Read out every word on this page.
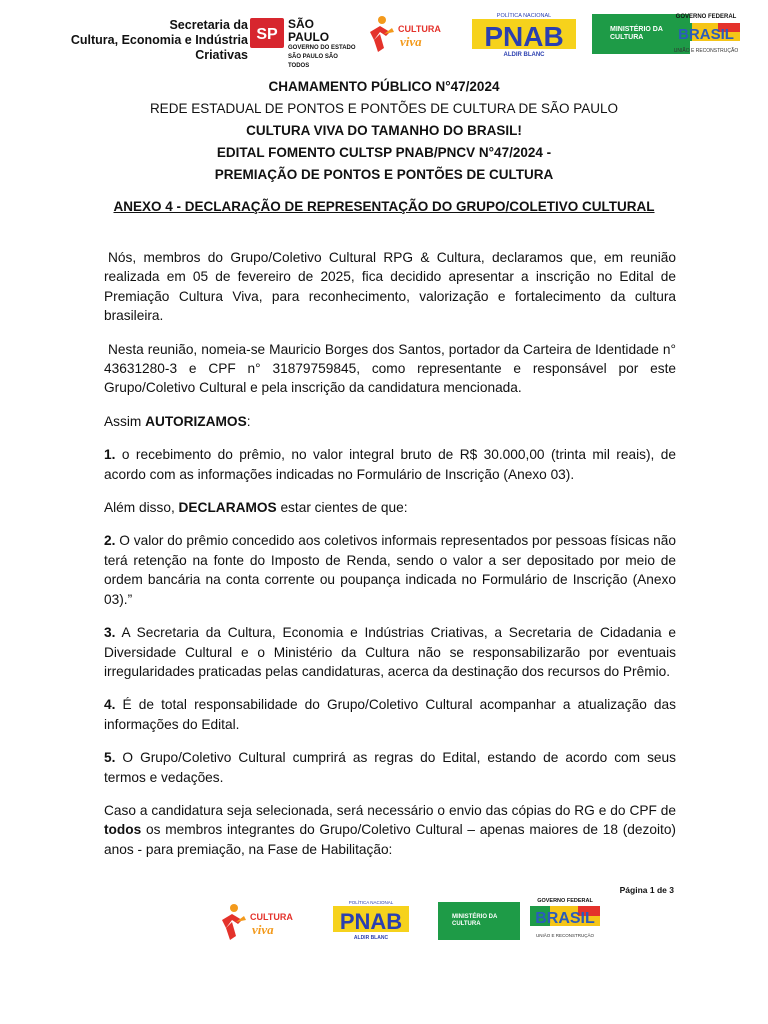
Secretaria da
Cultura, Economia e Indústria Criativas
SP
SÃO PAULO
GOVERNO DO ESTADO
SÃO PAULO SÃO TODOS
CULTURA
viva
POLÍTICA NACIONAL
PNAB
ALDIR BLANC
MINISTÉRIO DA
CULTURA
GOVERNO FEDERAL
BRASIL
UNIÃO E RECONSTRUÇÃO
CHAMAMENTO PÚBLICO N°47/2024
REDE ESTADUAL DE PONTOS E PONTÕES DE CULTURA DE SÃO PAULO
CULTURA VIVA DO TAMANHO DO BRASIL!
EDITAL FOMENTO CULTSP PNAB/PNCV N°47/2024 -
PREMIAÇÃO DE PONTOS E PONTÕES DE CULTURA
ANEXO 4 - DECLARAÇÃO DE REPRESENTAÇÃO DO GRUPO/COLETIVO CULTURAL

Nós, membros do Grupo/Coletivo Cultural RPG & Cultura, declaramos que, em reunião realizada em 05 de fevereiro de 2025, fica decidido apresentar a inscrição no Edital de Premiação Cultura Viva, para reconhecimento, valorização e fortalecimento da cultura brasileira.

Nesta reunião, nomeia-se Mauricio Borges dos Santos, portador da Carteira de Identidade n° 43631280-3 e CPF n° 31879759845, como representante e responsável por este Grupo/Coletivo Cultural e pela inscrição da candidatura mencionada.

Assim AUTORIZAMOS:

1. o recebimento do prêmio, no valor integral bruto de R$ 30.000,00 (trinta mil reais), de acordo com as informações indicadas no Formulário de Inscrição (Anexo 03).

Além disso, DECLARAMOS estar cientes de que:

2. O valor do prêmio concedido aos coletivos informais representados por pessoas físicas não terá retenção na fonte do Imposto de Renda, sendo o valor a ser depositado por meio de ordem bancária na conta corrente ou poupança indicada no Formulário de Inscrição (Anexo 03).”

3. A Secretaria da Cultura, Economia e Indústrias Criativas, a Secretaria de Cidadania e Diversidade Cultural e o Ministério da Cultura não se responsabilizarão por eventuais irregularidades praticadas pelas candidaturas, acerca da destinação dos recursos do Prêmio.

4. É de total responsabilidade do Grupo/Coletivo Cultural acompanhar a atualização das informações do Edital.

5. O Grupo/Coletivo Cultural cumprirá as regras do Edital, estando de acordo com seus termos e vedações.

Caso a candidatura seja selecionada, será necessário o envio das cópias do RG e do CPF de todos os membros integrantes do Grupo/Coletivo Cultural – apenas maiores de 18 (dezoito) anos - para premiação, na Fase de Habilitação:

Página 1 de 3
CULTURA
viva
POLÍTICA NACIONAL
PNAB
ALDIR BLANC
MINISTÉRIO DA
CULTURA
GOVERNO FEDERAL
BRASIL
UNIÃO E RECONSTRUÇÃO
